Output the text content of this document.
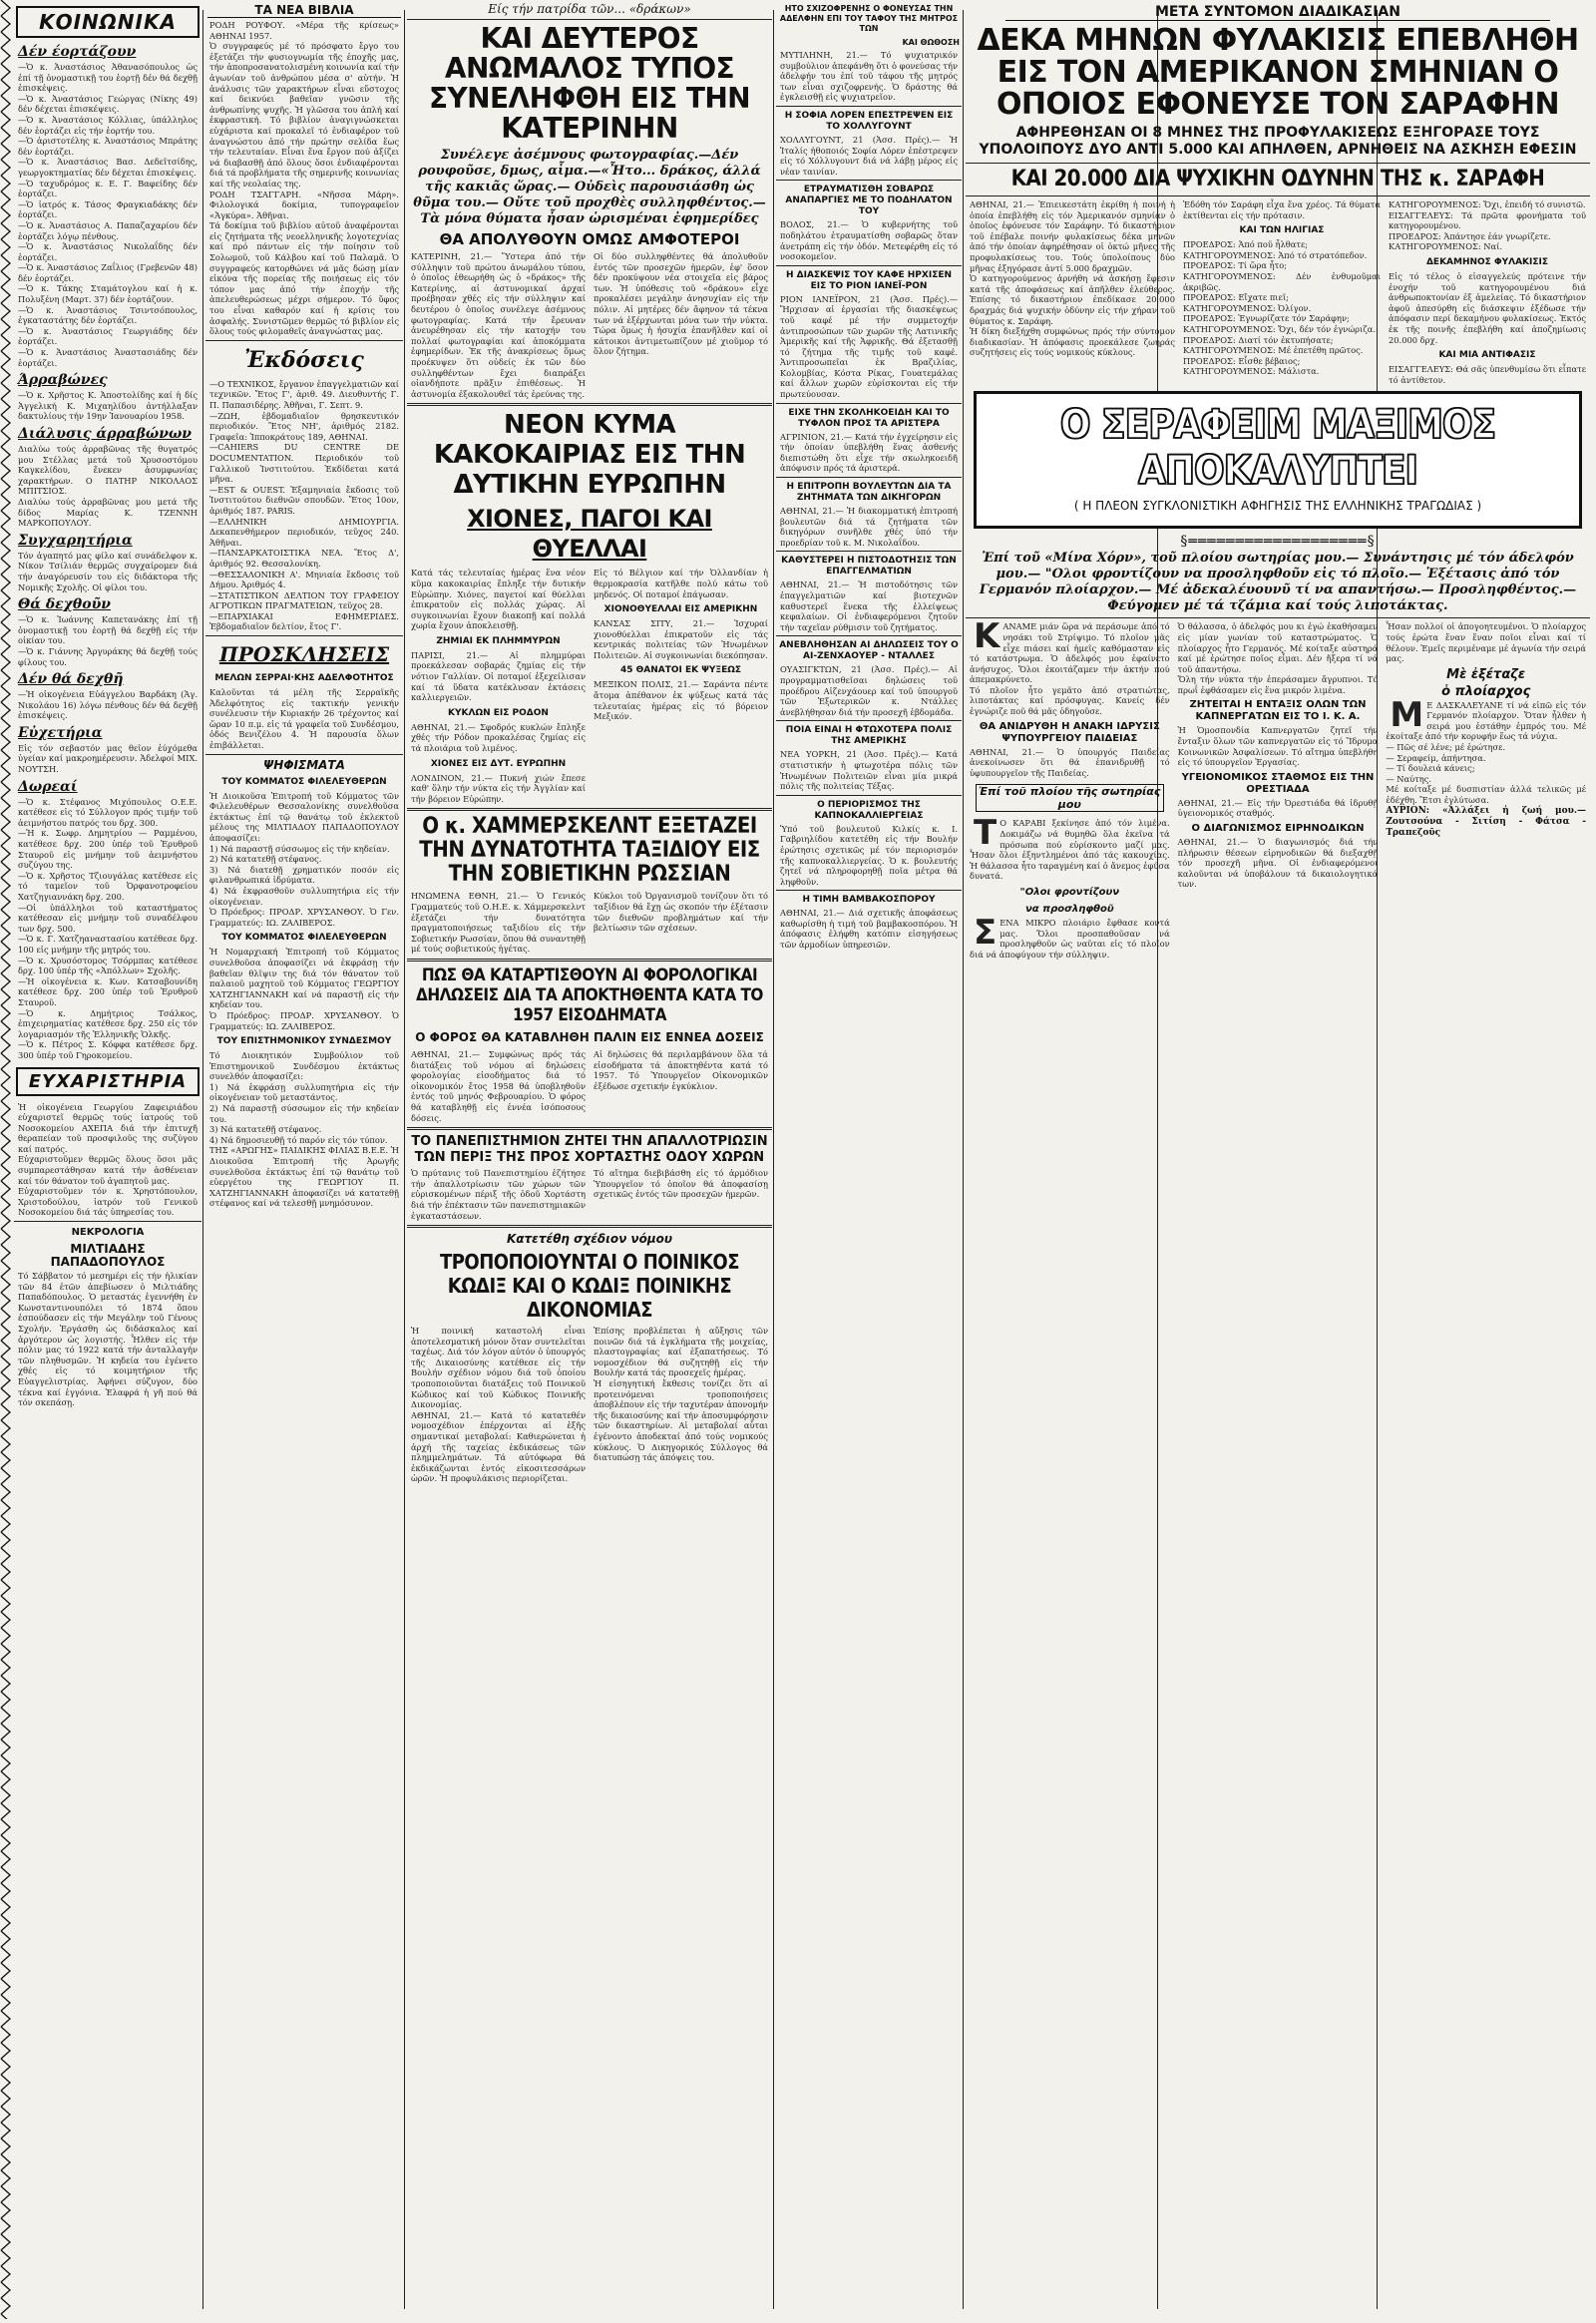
ΚΟΙΝΩΝΙΚΑ
Δέν έορτάζουν
—Ὁ κ. Ἀναστάσιος Ἀθανασόπουλος ὡς ἐπί τῇ ὀνομαστικῇ του ἑορτῇ δέν θά δεχθῇ ἐπισκέψεις.
—Ὁ κ. Ἀναστάσιος Γεώργας (Νίκης 49) δέν δέχεται ἐπισκέψεις.
—Ὁ κ. Ἀναστάσιος Κόλλιας, ὑπάλληλος δέν ἑορτάζει εἰς τήν ἑορτήν του.
—Ὁ ἀριστοτέλης κ. Ἀναστάσιος Μπράτης δέν ἑορτάζει.
—Ὁ κ. Ἀναστάσιος Βασ. Δεδεῖτσίδης, γεωργοκτηματίας δέν δέχεται ἐπισκέψεις.
—Ὁ ταχυδρόμος κ. Ε. Γ. Βαφείδης δέν ἑορτάζει.
—Ὁ ἰατρός κ. Τάσος Φραγκιαδάκης δέν ἑορτάζει.
—Ὁ κ. Ἀναστάσιος Α. Παπαζαχαρίου δέν ἑορτάζει λόγῳ πένθους.
—Ὁ κ. Ἀναστάσιος Νικολαΐδης δέν ἑορτάζει.
—Ὁ κ. Ἀναστάσιος Ζαΐλιος (Γρεβενῶν 48) δέν ἑορτάζει.
—Ὁ κ. Τάκης Σταμάτογλου καί ἡ κ. Πολυξένη (Μαρτ. 37) δέν ἑορτάζουν.
—Ὁ κ. Ἀναστάσιος Τσιντσόπουλος, ἐγκαταστάτης δέν ἑορτάζει.
—Ὁ κ. Ἀναστάσιος Γεωργιάδης δέν ἑορτάζει.
—Ὁ κ. Ἀναστάσιος Ἀναστασιάδης δέν ἑορτάζει.
Άρραβώνες
—Ὁ κ. Χρῆστος Κ. Ἀποστολίδης καί ἡ δίς Ἀγγελική Κ. Μιχαηλίδου ἀντήλλαξαν δακτυλίους τήν 19ην Ἰανουαρίου 1958.
Διάλυσις άρραβώνων
Διαλύω τούς ἀρραβῶνας τῆς θυγατρός μου Στέλλας μετά τοῦ Χρυσοστόμου Καγκελίδου, ἕνεκεν ἀσυμφωνίας χαρακτήρων. Ο ΠΑΤΗΡ ΝΙΚΟΛΑΟΣ ΜΠΙΤΣΙΟΣ.
Διαλύω τούς ἀρραβῶνας μου μετά τῆς δίδος Μαρίας Κ. ΤΖΕΝΝΗ ΜΑΡΚΟΠΟΥΛΟΥ.
Συγχαρητήρια
Τόν ἀγαπητό μας φίλο καί συνάδελφον κ. Νίκον Τσίλιάν θερμῶς συγχαίρομεν διά τήν ἀναγόρευσίν του εἰς διδάκτορα τῆς Νομικῆς Σχολῆς. Οἱ φίλοι του.
Θά δεχθοῦν
—Ὁ κ. Ἰωάννης Καπετανάκης ἐπί τῇ ὀνομαστικῇ του ἑορτῇ θά δεχθῇ εἰς τήν οἰκίαν του.
—Ὁ κ. Γιάννης Ἀργυράκης θά δεχθῇ τούς φίλους του.
Δέν θά δεχθῆ
—Ἡ οἰκογένεια Εὐάγγελου Βαρδάκη (Ἁγ. Νικολάου 16) λόγω πένθους δέν θά δεχθῇ ἐπισκέψεις.
Εὐχετήρια
Εἰς τόν σεβαστόν μας θεῖον ἐύχόμεθα ὑγείαν καί μακροημέρευσιν. Ἀδελφοί ΜΙΧ. ΝΟΥΤΣΗ.
Δωρεαί
—Ὁ κ. Στέφανος Μιχόπουλος Ο.Ε.Ε. κατέθεσε εἰς τό Σύλλογον πρός τιμήν τοῦ ἀειμνήστου πατρός του δρχ. 300.
—Ἡ κ. Σωφρ. Δημητρίου — Ραμμένου, κατέθεσε δρχ. 200 ὑπέρ τοῦ Ἑρυθροῦ Σταυροῦ εἰς μνήμην τοῦ ἀειμνήστου συζύγου της.
—Ὁ κ. Χρῆστος Τζιουγάλας κατέθεσε εἰς τό ταμεῖον τοῦ Ὀρφανοτροφείου Χατζηγιαννάκη δρχ. 200.
—Οἱ ὑπάλληλοι τοῦ καταστήματος κατέθεσαν εἰς μνήμην τοῦ συναδέλφου των δρχ. 500.
—Ὁ κ. Γ. Χατζηαναστασίου κατέθεσε δρχ. 100 εἰς μνήμην τῆς μητρός του.
—Ὁ κ. Χρυσόστομος Τσόρμπας κατέθεσε δρχ. 100 ὑπέρ τῆς «Ἀπόλλων» Σχολῆς.
—Ἡ οἰκογένεια κ. Κων. Κατσαβουνίδη κατέθεσε δρχ. 200 ὑπέρ τοῦ Ἑρυθροῦ Σταυροῦ.
—Ὁ κ. Δημήτριος Τσάλκος, ἐπιχειρηματίας κατέθεσε δρχ. 250 εἰς τόν λογαριασμόν τῆς Ἑλληνικῆς Ὁλκῆς.
—Ὁ κ. Πέτρος Σ. Κόφφα κατέθεσε δρχ. 300 ὑπέρ τοῦ Γηροκομείου.
ΕΥΧΑΡΙΣΤΗΡΙΑ
Ἡ οἰκογένεια Γεωργίου Ζαφειριάδου εὐχαριστεῖ θερμῶς τούς ἰατρούς τοῦ Νοσοκομείου ΑΧΕΠΑ διά τήν ἐπιτυχῆ θεραπείαν τοῦ προσφιλοῦς της συζύγου καί πατρός.
Εὐχαριστοῦμεν θερμῶς ὅλους ὅσοι μᾶς συμπαρεστάθησαν κατά τήν ἀσθένειαν καί τόν θάνατον τοῦ ἀγαπητοῦ μας.
Εὐχαριστοῦμεν τόν κ. Χρηστόπουλον, Χριστοδούλου, ἰατρόν τοῦ Γενικοῦ Νοσοκομείου διά τάς ὑπηρεσίας του.
ΝΕΚΡΟΛΟΓΙΑ
ΜΙΛΤΙΑΔΗΣ ΠΑΠΑΔΟΠΟΥΛΟΣ
Τό Σάββατον τό μεσημέρι εἰς τήν ἡλικίαν τῶν 84 ἐτῶν ἀπεβίωσεν ὁ Μιλτιάδης Παπαδόπουλος. Ὁ μεταστάς ἐγεννήθη ἐν Κωνσταντινουπόλει τό 1874 ὅπου ἐσπούδασεν εἰς τήν Μεγάλην τοῦ Γένους Σχολήν. Ἐργάσθη ὡς διδάσκαλος καί ἀργότερον ὡς λογιστής. Ἦλθεν εἰς τήν πόλιν μας τό 1922 κατά τήν ἀνταλλαγήν τῶν πληθυσμῶν. Ἡ κηδεία του ἐγένετο χθές εἰς τό κοιμητήριον τῆς Εὐαγγελιστρίας. Ἀφήνει σύζυγον, δύο τέκνα καί ἐγγόνια. Ἐλαφρά ἡ γῆ πού θά τόν σκεπάσῃ.
ΤΑ ΝΕΑ ΒΙΒΛΙΑ
ΡΟΔΗ ΡΟΥΦΟΥ. «Μέρα τῆς κρίσεως» ΑΘΗΝΑΙ 1957.
Ὁ συγγραφεύς μέ τό πρόσφατο ἔργο του ἐξετάζει τήν φυσιογνωμία τῆς ἐποχῆς μας, τήν ἀποπροσανατολισμένη κοινωνία καί τήν ἀγωνίαν τοῦ ἀνθρώπου μέσα σ' αὐτήν. Ἡ ἀνάλυσις τῶν χαρακτήρων εἶναι εὔστοχος καί δεικνύει βαθεῖαν γνῶσιν τῆς ἀνθρωπίνης ψυχῆς. Ἡ γλῶσσα του ἁπλή καί ἐκφραστική. Τό βιβλίον ἀναγιγνώσκεται εὐχάριστα καί προκαλεῖ τό ἐνδιαφέρον τοῦ ἀναγνώστου ἀπό τήν πρώτην σελίδα ἕως τήν τελευταίαν. Εἶναι ἕνα ἔργον πού ἀξίζει νά διαβασθῇ ἀπό ὅλους ὅσοι ἐνδιαφέρονται διά τά προβλήματα τῆς σημερινῆς κοινωνίας καί τῆς νεολαίας της.
ΡΟΔΗ ΤΣΑΓΓΑΡΗ. «Νῆσσα Μάρη». Φιλολογικά δοκίμια, τυπογραφεῖον «Ἀγκύρα». Ἀθῆναι.
Τά δοκίμια τοῦ βιβλίου αὐτοῦ ἀναφέρονται εἰς ζητήματα τῆς νεοελληνικῆς λογοτεχνίας καί πρό πάντων εἰς τήν ποίησιν τοῦ Σολωμοῦ, τοῦ Κάλβου καί τοῦ Παλαμᾶ. Ὁ συγγραφεύς κατορθώνει νά μᾶς δώσῃ μίαν εἰκόνα τῆς πορείας τῆς ποιήσεως εἰς τόν τόπον μας ἀπό τήν ἐποχήν τῆς ἀπελευθερώσεως μέχρι σήμερον. Τό ὕφος του εἶναι καθαρόν καί ἡ κρίσις του ἀσφαλής. Συνιστῶμεν θερμῶς τό βιβλίον εἰς ὅλους τούς φιλομαθεῖς ἀναγνώστας μας.
Ἐκδόσεις
—Ο ΤΕΧΝΙΚΟΣ, ἔργανον ἐπαγγελματιῶν καί τεχνικῶν. Ἔτος Γ', ἀριθ. 49. Διευθυντής Γ. Π. Παπασιδέρης. Ἀθῆναι, Γ. Σεπτ. 9.
—ΖΩΗ, ἑβδομαδιαῖον θρησκευτικόν περιοδικόν. Ἔτος ΝΗ', ἀριθμός 2182. Γραφεῖα: Ἱπποκράτους 189, ΑΘΗΝΑΙ.
—CAHIERS DU CENTRE DE DOCUMENTATION. Περιοδικόν τοῦ Γαλλικοῦ Ἰνστιτούτου. Ἐκδίδεται κατά μῆνα.
—EST & OUEST. Ἑξαμηνιαία ἔκδοσις τοῦ Ἰνστιτούτου διεθνῶν σπουδῶν. Ἔτος 10ον, ἀριθμός 187. PARIS.
—ΕΛΛΗΝΙΚΗ ΔΗΜΙΟΥΡΓΙΑ. Δεκαπενθήμερον περιοδικόν, τεῦχος 240. Ἀθῆναι.
—ΠΑΝΣΑΡΚΑΤΟΙΣΤΙΚΑ ΝΕΑ. Ἔτος Δ', ἀριθμός 92. Θεσσαλονίκη.
—ΘΕΣΣΑΛΟΝΙΚΗ Α'. Μηνιαία ἔκδοσις τοῦ Δήμου. Ἀριθμός 4.
—ΣΤΑΤΙΣΤΙΚΟΝ ΔΕΛΤΙΟΝ ΤΟΥ ΓΡΑΦΕΙΟΥ ΑΓΡΟΤΙΚΩΝ ΠΡΑΓΜΑΤΕΙΩΝ, τεῦχος 28.
—ΕΠΑΡΧΙΑΚΑΙ ΕΦΗΜΕΡΙΔΕΣ. Ἑβδομαδιαῖον δελτίον, ἔτος Γ'.
ΠΡΟΣΚΛΗΣΕΙΣ
ΜΕΛΩΝ ΣΕΡΡΑΙ·ΚΗΣ ΑΔΕΛΦΟΤΗΤΟΣ
Καλοῦνται τά μέλη τῆς Σερραϊκῆς Ἀδελφότητος εἰς τακτικήν γενικήν συνέλευσιν τήν Κυριακήν 26 τρέχοντος καί ὥραν 10 π.μ. εἰς τά γραφεῖα τοῦ Συνδέσμου, ὁδός Βενιζέλου 4. Ἡ παρουσία ὅλων ἐπιβάλλεται.
ΨΗΦΙΣΜΑΤΑ
ΤΟΥ ΚΟΜΜΑΤΟΣ ΦΙΛΕΛΕΥΘΕΡΩΝ
Ἡ Διοικοῦσα Ἐπιτροπή τοῦ Κόμματος τῶν Φιλελευθέρων Θεσσαλονίκης συνελθοῦσα ἐκτάκτως ἐπί τῷ θανάτῳ τοῦ ἐκλεκτοῦ μέλους της ΜΙΛΤΙΑΔΟΥ ΠΑΠΑΔΟΠΟΥΛΟΥ ἀποφασίζει:
1) Νά παραστῇ σύσσωμος εἰς τήν κηδείαν.
2) Νά κατατεθῇ στέφανος.
3) Νά διατεθῇ χρηματικόν ποσόν εἰς φιλανθρωπικά ἱδρύματα.
4) Νά ἐκφρασθοῦν συλλυπητήρια εἰς τήν οἰκογένειαν.
Ὁ Πρόεδρος: ΠΡΟΔΡ. ΧΡΥΣΑΝΘΟΥ. Ὁ Γεν. Γραμματεύς: ΙΩ. ΖΑΛΙΒΕΡΟΣ.
ΤΟΥ ΚΟΜΜΑΤΟΣ ΦΙΛΕΛΕΥΘΕΡΩΝ
Ἡ Νομαρχιακή Ἐπιτροπή τοῦ Κόμματος συνελθοῦσα ἀποφασίζει νά ἐκφράσῃ τήν βαθεῖαν θλῖψιν της διά τόν θάνατον τοῦ παλαιοῦ μαχητοῦ τοῦ Κόμματος ΓΕΩΡΓΙΟΥ ΧΑΤΖΗΓΙΑΝΝΑΚΗ καί νά παραστῇ εἰς τήν κηδείαν του.
Ὁ Πρόεδρος: ΠΡΟΔΡ. ΧΡΥΣΑΝΘΟΥ. Ὁ Γραμματεύς: ΙΩ. ΖΑΛΙΒΕΡΟΣ.
ΤΟΥ ΕΠΙΣΤΗΜΟΝΙΚΟΥ ΣΥΝΔΕΣΜΟΥ
Τό Διοικητικόν Συμβούλιον τοῦ Ἐπιστημονικοῦ Συνδέσμου ἐκτάκτως συνελθόν ἀποφασίζει:
1) Νά ἐκφράσῃ συλλυπητήρια εἰς τήν οἰκογένειαν τοῦ μεταστάντος.
2) Νά παραστῇ σύσσωμον εἰς τήν κηδείαν του.
3) Νά κατατεθῇ στέφανος.
4) Νά δημοσιευθῇ τό παρόν εἰς τόν τύπον.
ΤΗΣ «ΑΡΩΓΗΣ» ΠΑΙΔΙΚΗΣ ΦΙΛΙΑΣ Β.Ε.Ε. Ἡ Διοικοῦσα Ἐπιτροπή τῆς Ἀρωγῆς συνελθοῦσα ἐκτάκτως ἐπί τῷ θανάτῳ τοῦ εὐεργέτου της ΓΕΩΡΓΙΟΥ Π. ΧΑΤΖΗΓΙΑΝΝΑΚΗ ἀποφασίζει νά κατατεθῇ στέφανος καί νά τελεσθῇ μνημόσυνον.
Είς τήν πατρίδα τῶν... «δράκων»
ΚΑΙ ΔΕΥΤΕΡΟΣ ΑΝΩΜΑΛΟΣ ΤΥΠΟΣ ΣΥΝΕΛΗΦΘΗ ΕΙΣ ΤΗΝ ΚΑΤΕΡΙΝΗΝ
Συνέλεγε ἀσέμνους φωτογραφίας.—Δέν ρουφοῦσε, δμως, αἷμα.—«Ἦτο... δράκος, άλλά τῆς κακιᾶς ὥρας.— Οὐδεὶς παρουσιάσθη ὡς θῦμα του.— Οὔτε τοῦ προχθὲς συλληφθέντος.—Τὰ μόνα θύματα ἦσαν ὡρισμέναι ἐφημερίδες
ΘΑ ΑΠΟΛΥΘΟΥΝ ΟΜΩΣ ΑΜΦΟΤΕΡΟΙ
ΚΑΤΕΡΙΝΗ, 21.— Ὕστερα ἀπό τήν σύλληψιν τοῦ πρώτου ἀνωμάλου τύπου, ὁ ὁποῖος ἐθεωρήθη ὡς ὁ «δράκος» τῆς Κατερίνης, αἱ ἀστυνομικαί ἀρχαί προέβησαν χθές εἰς τήν σύλληψιν καί δευτέρου ὁ ὁποῖος συνέλεγε ἀσέμνους φωτογραφίας. Κατά τήν ἔρευναν ἀνευρέθησαν εἰς τήν κατοχήν του πολλαί φωτογραφίαι καί ἀποκόμματα ἐφημερίδων. Ἐκ τῆς ἀνακρίσεως ὅμως προέκυψεν ὅτι οὐδείς ἐκ τῶν δύο συλληφθέντων ἔχει διαπράξει οἱανδήποτε πρᾶξιν ἐπιθέσεως. Ἡ ἀστυνομία ἐξακολουθεῖ τάς ἐρεύνας της.
Οἱ δύο συλληφθέντες θά ἀπολυθοῦν ἐντός τῶν προσεχῶν ἡμερῶν, ἐφ' ὅσον δέν προκύψουν νέα στοιχεῖα εἰς βάρος των. Ἡ ὑπόθεσις τοῦ «δράκου» εἶχε προκαλέσει μεγάλην ἀνησυχίαν εἰς τήν πόλιν. Αἱ μητέρες δέν ἄφηνον τά τέκνα των νά ἐξέρχωνται μόνα των τήν νύκτα. Τώρα ὅμως ἡ ἡσυχία ἐπανῆλθεν καί οἱ κάτοικοι ἀντιμετωπίζουν μέ χιοῦμορ τό ὅλον ζήτημα.
ΝΕΟΝ ΚΥΜΑ ΚΑΚΟΚΑΙΡΙΑΣ ΕΙΣ ΤΗΝ ΔΥΤΙΚΗΝ ΕΥΡΩΠΗΝ
ΧΙΟΝΕΣ, ΠΑΓΟΙ ΚΑΙ ΘΥΕΛΛΑΙ
Κατά τάς τελευταίας ἡμέρας ἕνα νέον κῦμα κακοκαιρίας ἔπληξε τήν δυτικήν Εὐρώπην. Χιόνες, παγετοί καί θύελλαι ἐπικρατοῦν εἰς πολλάς χώρας. Αἱ συγκοινωνίαι ἔχουν διακοπῇ καί πολλά χωρία ἔχουν ἀποκλεισθῇ.
ΖΗΜΙΑΙ ΕΚ ΠΛΗΜΜΥΡΩΝ
ΠΑΡΙΣΙ, 21.— Αἱ πλημμύραι προεκάλεσαν σοβαράς ζημίας εἰς τήν νότιον Γαλλίαν. Οἱ ποταμοί ἐξεχείλισαν καί τά ὕδατα κατέκλυσαν ἐκτάσεις καλλιεργειῶν.
ΚΥΚΛΩΝ ΕΙΣ ΡΟΔΟΝ
ΑΘΗΝΑΙ, 21.— Σφοδρός κυκλών ἔπληξε χθές τήν Ρόδον προκαλέσας ζημίας εἰς τά πλοιάρια τοῦ λιμένος.
ΧΙΟΝΕΣ ΕΙΣ ΔΥΤ. ΕΥΡΩΠΗΝ
ΛΟΝΔΙΝΟΝ, 21.— Πυκνή χιών ἔπεσε καθ' ὅλην τήν νύκτα εἰς τήν Ἀγγλίαν καί τήν βόρειον Εὐρώπην.
Εἰς τό Βέλγιον καί τήν Ὁλλανδίαν ἡ θερμοκρασία κατῆλθε πολύ κάτω τοῦ μηδενός. Οἱ ποταμοί ἐπάγωσαν.
ΧΙΟΝΟΘΥΕΛΛΑΙ ΕΙΣ ΑΜΕΡΙΚΗΝ
ΚΑΝΣΑΣ ΣΙΤΥ, 21.— Ἰσχυραί χιονοθύελλαι ἐπικρατοῦν εἰς τάς κεντρικάς πολιτείας τῶν Ἡνωμένων Πολιτειῶν. Αἱ συγκοινωνίαι διεκόπησαν.
45 ΘΑΝΑΤΟΙ ΕΚ ΨΥΞΕΩΣ
ΜΕΞΙΚΟΝ ΠΟΛΙΣ, 21.— Σαράντα πέντε ἄτομα ἀπέθανον ἐκ ψύξεως κατά τάς τελευταίας ἡμέρας εἰς τό βόρειον Μεξικόν.
Ο κ. ΧΑΜΜΕΡΣΚΕΛΝΤ ΕΞΕΤΑΖΕΙ ΤΗΝ ΔΥΝΑΤΟΤΗΤΑ ΤΑΞΙΔΙΟΥ ΕΙΣ ΤΗΝ ΣΟΒΙΕΤΙΚΗΝ ΡΩΣΣΙΑΝ
ΗΝΩΜΕΝΑ ΕΘΝΗ, 21.— Ὁ Γενικός Γραμματεύς τοῦ Ο.Η.Ε. κ. Χάμμερσκελντ ἐξετάζει τήν δυνατότητα πραγματοποιήσεως ταξιδίου εἰς τήν Σοβιετικήν Ρωσσίαν, ὅπου θά συναντηθῇ μέ τούς σοβιετικούς ἡγέτας.
Κύκλοι τοῦ Ὀργανισμοῦ τονίζουν ὅτι τό ταξίδιον θά ἔχῃ ὡς σκοπόν τήν ἐξέτασιν τῶν διεθνῶν προβλημάτων καί τήν βελτίωσιν τῶν σχέσεων.
ΠΩΣ ΘΑ ΚΑΤΑΡΤΙΣΘΟΥΝ ΑΙ ΦΟΡΟΛΟΓΙΚΑΙ ΔΗΛΩΣΕΙΣ ΔΙΑ ΤΑ ΑΠΟΚΤΗΘΕΝΤΑ ΚΑΤΑ ΤΟ 1957 ΕΙΣΟΔΗΜΑΤΑ
Ο ΦΟΡΟΣ ΘΑ ΚΑΤΑΒΛΗΘΗ ΠΑΛΙΝ ΕΙΣ ΕΝΝΕΑ ΔΟΣΕΙΣ
ΑΘΗΝΑΙ, 21.— Συμφώνως πρός τάς διατάξεις τοῦ νόμου αἱ δηλώσεις φορολογίας εἰσοδήματος διά τό οἰκονομικόν ἔτος 1958 θά ὑποβληθοῦν ἐντός τοῦ μηνός Φεβρουαρίου. Ὁ φόρος θά καταβληθῇ εἰς ἐννέα ἰσόποσους δόσεις.
Αἱ δηλώσεις θά περιλαμβάνουν ὅλα τά εἰσοδήματα τά ἀποκτηθέντα κατά τό 1957. Τό Ὑπουργεῖον Οἰκονομικῶν ἐξέδωσε σχετικήν ἐγκύκλιον.
ΤΟ ΠΑΝΕΠΙΣΤΗΜΙΟΝ ΖΗΤΕΙ ΤΗΝ ΑΠΑΛΛΟΤΡΙΩΣΙΝ ΤΩΝ ΠΕΡΙΞ ΤΗΣ ΠΡΟΣ ΧΟΡΤΑΣΤΗΣ ΟΔΟΥ ΧΩΡΩΝ
Ὁ πρύτανις τοῦ Πανεπιστημίου ἐζήτησε τήν ἀπαλλοτρίωσιν τῶν χώρων τῶν εὑρισκομένων πέριξ τῆς ὁδοῦ Χορτάστη διά τήν ἐπέκτασιν τῶν πανεπιστημιακῶν ἐγκαταστάσεων.
Τό αἴτημα διεβιβάσθη εἰς τό ἁρμόδιον Ὑπουργεῖον τό ὁποῖον θά ἀποφασίσῃ σχετικῶς ἐντός τῶν προσεχῶν ἡμερῶν.
Κατετέθη σχέδιον νόμου
ΤΡΟΠΟΠΟΙΟΥΝΤΑΙ Ο ΠΟΙΝΙΚΟΣ ΚΩΔΙΞ ΚΑΙ Ο ΚΩΔΙΞ ΠΟΙΝΙΚΗΣ ΔΙΚΟΝΟΜΙΑΣ
Ἡ ποινική καταστολή εἶναι ἀποτελεσματική μόνον ὅταν συντελεῖται ταχέως. Διά τόν λόγον αὐτόν ὁ ὑπουργός τῆς Δικαιοσύνης κατέθεσε εἰς τήν Βουλήν σχέδιον νόμου διά τοῦ ὁποίου τροποποιοῦνται διατάξεις τοῦ Ποινικοῦ Κώδικος καί τοῦ Κώδικος Ποινικῆς Δικονομίας.
ΑΘΗΝΑΙ, 21.— Κατά τό κατατεθέν νομοσχέδιον ἐπέρχονται αἱ ἑξῆς σημαντικαί μεταβολαί: Καθιερώνεται ἡ ἀρχή τῆς ταχείας ἐκδικάσεως τῶν πλημμελημάτων. Τά αὐτόφωρα θά ἐκδικάζωνται ἐντός εἰκοσιτεσσάρων ὡρῶν. Ἡ προφυλάκισις περιορίζεται.
Ἐπίσης προβλέπεται ἡ αὔξησις τῶν ποινῶν διά τά ἐγκλήματα τῆς μοιχείας, πλαστογραφίας καί ἐξαπατήσεως. Τό νομοσχέδιον θά συζητηθῇ εἰς τήν Βουλήν κατά τάς προσεχεῖς ἡμέρας.
Ἡ εἰσηγητική ἔκθεσις τονίζει ὅτι αἱ προτεινόμεναι τροποποιήσεις ἀποβλέπουν εἰς τήν ταχυτέραν ἀπονομήν τῆς δικαιοσύνης καί τήν ἀποσυμφόρησιν τῶν δικαστηρίων. Αἱ μεταβολαί αὗται ἐγένοντο ἀποδεκταί ἀπό τούς νομικούς κύκλους. Ὁ Δικηγορικός Σύλλογος θά διατυπώσῃ τάς ἀπόψεις του.
ΗΤΟ ΣΧΙΖΟΦΡΕΝΗΣ Ο ΦΟΝΕΥΣΑΣ ΤΗΝ ΑΔΕΛΦΗΝ ΕΠΙ ΤΟΥ ΤΑΦΟΥ ΤΗΣ ΜΗΤΡΟΣ ΤΩΝ
ΚΑΙ ΘΩΘΟΣΗ
ΜΥΤΙΛΗΝΗ, 21.— Τό ψυχιατρικόν συμβούλιον ἀπεφάνθη ὅτι ὁ φονεύσας τήν ἀδελφήν του ἐπί τοῦ τάφου τῆς μητρός των εἶναι σχιζοφρενής. Ὁ δράστης θά ἐγκλεισθῇ εἰς ψυχιατρεῖον.
Η ΣΟΦΙΑ ΛΟΡΕΝ ΕΠΕΣΤΡΕΨΕΝ ΕΙΣ ΤΟ ΧΟΛΛΥΓΟΥΝΤ
ΧΟΛΛΥΓΟΥΝΤ, 21 (Ἀσσ. Πρές).— Ἡ Ἰταλίς ἠθοποιός Σοφία Λόρεν ἐπέστρεψεν εἰς τό Χόλλυγουντ διά νά λάβῃ μέρος εἰς νέαν ταινίαν.
ΕΤΡΑΥΜΑΤΙΣΘΗ ΣΟΒΑΡΩΣ ΑΝΑΠΑΡΓΙΕΣ ΜΕ ΤΟ ΠΟΔΗΛΑΤΟΝ ΤΟΥ
ΒΟΛΟΣ, 21.— Ὁ κυβερνήτης τοῦ ποδηλάτου ἐτραυματίσθη σοβαρῶς ὅταν ἀνετράπη εἰς τήν ὁδόν. Μετεφέρθη εἰς τό νοσοκομεῖον.
Η ΔΙΑΣΚΕΨΙΣ ΤΟΥ ΚΑΦΕ ΗΡΧΙΣΕΝ ΕΙΣ ΤΟ ΡΙΟΝ ΙΑΝΕΪ-ΡΟΝ
ΡΙΟΝ ΙΑΝΕΪΡΟΝ, 21 (Ἀσσ. Πρές).— Ἤρχισαν αἱ ἐργασίαι τῆς διασκέψεως τοῦ καφέ μέ τήν συμμετοχήν ἀντιπροσώπων τῶν χωρῶν τῆς Λατινικῆς Ἀμερικῆς καί τῆς Ἀφρικῆς. Θά ἐξετασθῇ τό ζήτημα τῆς τιμῆς τοῦ καφέ. Ἀντιπροσωπεῖαι ἐκ Βραζιλίας, Κολομβίας, Κόστα Ρίκας, Γουατεμάλας καί ἄλλων χωρῶν εὑρίσκονται εἰς τήν πρωτεύουσαν.
ΕΙΧΕ ΤΗΝ ΣΚΟΛΗΚΟΕΙΔΗ ΚΑΙ ΤΟ ΤΥΦΛΟΝ ΠΡΟΣ ΤΑ ΑΡΙΣΤΕΡΑ
ΑΓΡΙΝΙΟΝ, 21.— Κατά τήν ἐγχείρησιν εἰς τήν ὁποίαν ὑπεβλήθη ἕνας ἀσθενής διεπιστώθη ὅτι εἶχε τήν σκωληκοειδῆ ἀπόφυσιν πρός τά ἀριστερά.
Η ΕΠΙΤΡΟΠΗ ΒΟΥΛΕΥΤΩΝ ΔΙΑ ΤΑ ΖΗΤΗΜΑΤΑ ΤΩΝ ΔΙΚΗΓΟΡΩΝ
ΑΘΗΝΑΙ, 21.— Ἡ διακομματική ἐπιτροπή βουλευτῶν διά τά ζητήματα τῶν δικηγόρων συνῆλθε χθές ὑπό τήν προεδρίαν τοῦ κ. Μ. Νικολαΐδου.
ΚΑΘΥΣΤΕΡΕΙ Η ΠΙΣΤΟΔΟΤΗΣΙΣ ΤΩΝ ΕΠΑΓΓΕΛΜΑΤΙΩΝ
ΑΘΗΝΑΙ, 21.— Ἡ πιστοδότησις τῶν ἐπαγγελματιῶν καί βιοτεχνῶν καθυστερεῖ ἕνεκα τῆς ἐλλείψεως κεφαλαίων. Οἱ ἐνδιαφερόμενοι ζητοῦν τήν ταχεῖαν ρύθμισιν τοῦ ζητήματος.
ΑΝΕΒΛΗΘΗΣΑΝ ΑΙ ΔΗΛΩΣΕΙΣ ΤΟΥ Ο ΑΙ-ΖΕΝΧΑΟΥΕΡ - ΝΤΑΛΛΕΣ
ΟΥΑΣΙΓΚΤΩΝ, 21 (Ἀσσ. Πρές).— Αἱ προγραμματισθεῖσαι δηλώσεις τοῦ προέδρου Αἰζενχάουερ καί τοῦ ὑπουργοῦ τῶν Ἐξωτερικῶν κ. Ντάλλες ἀνεβλήθησαν διά τήν προσεχῆ ἑβδομάδα.
ΠΟΙΑ ΕΙΝΑΙ Η ΦΤΩΧΟΤΕΡΑ ΠΟΛΙΣ ΤΗΣ ΑΜΕΡΙΚΗΣ
ΝΕΑ ΥΟΡΚΗ, 21 (Ἀσσ. Πρές).— Κατά στατιστικήν ἡ φτωχοτέρα πόλις τῶν Ἡνωμένων Πολιτειῶν εἶναι μία μικρά πόλις τῆς πολιτείας Τέξας.
Ο ΠΕΡΙΟΡΙΣΜΟΣ ΤΗΣ ΚΑΠΝΟΚΑΛΛΙΕΡΓΕΙΑΣ
Ὑπό τοῦ βουλευτοῦ Κιλκίς κ. Ι. Γαβριηλίδου κατετέθη εἰς τήν Βουλήν ἐρώτησις σχετικῶς μέ τόν περιορισμόν τῆς καπνοκαλλιεργείας. Ὁ κ. βουλευτής ζητεῖ νά πληροφορηθῇ ποῖα μέτρα θά ληφθοῦν.
Η ΤΙΜΗ ΒΑΜΒΑΚΟΣΠΟΡΟΥ
ΑΘΗΝΑΙ, 21.— Διά σχετικῆς ἀποφάσεως καθωρίσθη ἡ τιμή τοῦ βαμβακοσπόρου. Ἡ ἀπόφασις ἐλήφθη κατόπιν εἰσηγήσεως τῶν ἁρμοδίων ὑπηρεσιῶν.
ΜΕΤΑ ΣΥΝΤΟΜΟΝ ΔΙΑΔΙΚΑΣΙΑΝ
ΔΕΚΑ ΜΗΝΩΝ ΦΥΛΑΚΙΣΙΣ ΕΠΕΒΛΗΘΗ ΕΙΣ ΤΟΝ ΑΜΕΡΙΚΑΝΟΝ ΣΜΗΝΙΑΝ Ο ΟΠΟΙΟΣ ΕΦΟΝΕΥΣΕ ΤΟΝ ΣΑΡΑΦΗΝ
ΑΦΗΡΕΘΗΣΑΝ ΟΙ 8 ΜΗΝΕΣ ΤΗΣ ΠΡΟΦΥΛΑΚΙΣΕΩΣ ΕΞΗΓΟΡΑΣΕ ΤΟΥΣ ΥΠΟΛΟΙΠΟΥΣ ΔΥΟ ΑΝΤΙ 5.000 ΚΑΙ ΑΠΗΛΘΕΝ, ΑΡΝΗΘΕΙΣ ΝΑ ΑΣΚΗΣΗ ΕΦΕΣΙΝ
ΚΑΙ 20.000 ΔΙΑ ΨΥΧΙΚΗΝ ΟΔΥΝΗΝ ΤΗΣ κ. ΣΑΡΑΦΗ
ΑΘΗΝΑΙ, 21.— Ἐπιεικεστάτη ἐκρίθη ἡ ποινή ἡ ὁποία ἐπεβλήθη εἰς τόν Ἀμερικανόν σμηνίαν ὁ ὁποῖος ἐφόνευσε τόν Σαράφην. Τό δικαστήριον τοῦ ἐπέβαλε ποινήν φυλακίσεως δέκα μηνῶν ἀπό τήν ὁποίαν ἀφηρέθησαν οἱ ὀκτώ μῆνες τῆς προφυλακίσεως του. Τούς ὑπολοίπους δύο μῆνας ἐξηγόρασε ἀντί 5.000 δραχμῶν.
Ὁ κατηγορούμενος ἀρνήθη νά ἀσκήσῃ ἔφεσιν κατά τῆς ἀποφάσεως καί ἀπῆλθεν ἐλεύθερος. Ἐπίσης τό δικαστήριον ἐπεδίκασε 20.000 δραχμάς διά ψυχικήν ὀδύνην εἰς τήν χήραν τοῦ θύματος κ. Σαράφη.
Ἡ δίκη διεξήχθη συμφώνως πρός τήν σύντομον διαδικασίαν. Ἡ ἀπόφασις προεκάλεσε ζωηράς συζητήσεις εἰς τούς νομικούς κύκλους.
Ἐδόθη τόν Σαράφη εἶχα ἕνα χρέος. Τά θύματα ἐκτίθενται εἰς τήν πρότασιν.
ΚΑΙ ΤΩΝ ΗΛΙΓΙΑΣ
ΠΡΟΕΔΡΟΣ: Ἀπό ποῦ ἦλθατε;
ΚΑΤΗΓΟΡΟΥΜΕΝΟΣ: Ἀπό τό στρατόπεδον.
ΠΡΟΕΔΡΟΣ: Τί ὥρα ἦτο;
ΚΑΤΗΓΟΡΟΥΜΕΝΟΣ: Δέν ἐνθυμοῦμαι ἀκριβῶς.
ΠΡΟΕΔΡΟΣ: Εἴχατε πιεῖ;
ΚΑΤΗΓΟΡΟΥΜΕΝΟΣ: Ὀλίγον.
ΠΡΟΕΔΡΟΣ: Ἐγνωρίζατε τόν Σαράφην;
ΚΑΤΗΓΟΡΟΥΜΕΝΟΣ: Ὄχι, δέν τόν ἐγνώριζα.
ΠΡΟΕΔΡΟΣ: Διατί τόν ἐκτυπήσατε;
ΚΑΤΗΓΟΡΟΥΜΕΝΟΣ: Μέ ἐπετέθη πρῶτος.
ΠΡΟΕΔΡΟΣ: Εἶσθε βέβαιος;
ΚΑΤΗΓΟΡΟΥΜΕΝΟΣ: Μάλιστα.
ΚΑΤΗΓΟΡΟΥΜΕΝΟΣ: Ὄχι, ἐπειδή τό συνιστῶ.
ΕΙΣΑΓΓΕΛΕΥΣ: Τά πρῶτα φρονήματα τοῦ κατηγορουμένου.
ΠΡΟΕΔΡΟΣ: Ἀπάντησε ἐάν γνωρίζετε.
ΚΑΤΗΓΟΡΟΥΜΕΝΟΣ: Ναί.
ΔΕΚΑΜΗΝΟΣ ΦΥΛΑΚΙΣΙΣ
Εἰς τό τέλος ὁ εἰσαγγελεύς πρότεινε τήν ἐνοχήν τοῦ κατηγορουμένου διά ἀνθρωποκτονίαν ἐξ ἀμελείας. Τό δικαστήριον ἀφοῦ ἀπεσύρθη εἰς διάσκεψιν ἐξέδωσε τήν ἀπόφασιν περί δεκαμήνου φυλακίσεως. Ἐκτός ἐκ τῆς ποινῆς ἐπεβλήθη καί ἀποζημίωσις 20.000 δρχ.
ΚΑΙ ΜΙΑ ΑΝΤΙΦΑΣΙΣ
ΕΙΣΑΓΓΕΛΕΥΣ: Θά σᾶς ὑπενθυμίσω ὅτι εἶπατε τό ἀντίθετον.
Ο ΣΕΡΑΦΕΙΜ ΜΑΞΙΜΟΣ ΑΠΟΚΑΛΥΠΤΕΙ
( Η ΠΛΕΟΝ ΣΥΓΚΛΟΝΙΣΤΙΚΗ ΑΦΗΓΗΣΙΣ ΤΗΣ ΕΛΛΗΝΙΚΗΣ ΤΡΑΓΩΔΙΑΣ )
§═══════════════════§
Ἐπί τοῦ «Μίνα Χόρν», τοῦ πλοίου σωτηρίας μου.— Συνάντησις μέ τόν άδελφόν μου.— "Ολοι φροντίζουν να προσληφθοῦν εἰς τό πλοῖο.— Ἐξέτασις ἀπό τόν Γερμανόν πλοίαρχον.— Μέ ἀδεκαλέυουνῦ τί να απαντήσω.— Προσληφθέντος.— Φεύγομεν μέ τά τζάμια καί τούς λιποτάκτας.
ΚΑΝΑΜΕ μιάν ὥρα νά περάσωμε ἀπό τό νησάκι τοῦ Στρίψιμο. Τό πλοῖον μᾶς εἶχε πιάσει καί ἡμεῖς καθόμασταν εἰς τό κατάστρωμα. Ὁ ἀδελφός μου ἐφαίνετο ἀνήσυχος. Ὅλοι ἐκοιτάζαμεν τήν ἀκτήν πού ἀπεμακρύνετο.
Τό πλοῖον ἦτο γεμᾶτο ἀπό στρατιώτας, λιποτάκτας καί πρόσφυγας. Κανείς δέν ἐγνώριζε ποῦ θά μᾶς ὁδηγοῦσε.
ΘΑ ΑΝΙΔΡΥΘΗ Η ΑΝΑΚΗ ΙΔΡΥΣΙΣ ΨΥΠΟΥΡΓΕΙΟΥ ΠΑΙΔΕΙΑΣ
ΑΘΗΝΑΙ, 21.— Ὁ ὑπουργός Παιδείας ἀνεκοίνωσεν ὅτι θά ἐπανιδρυθῇ τό ὑφυπουργεῖον τῆς Παιδείας.
Ἐπί τοῦ πλοίου τῆς σωτηρίας μου
Τ Ο ΚΑΡΑΒΙ ξεκίνησε ἀπό τόν λιμένα. Δοκιμάζω νά θυμηθῶ ὅλα ἐκεῖνα τά πρόσωπα πού εὑρίσκοντο μαζί μας. Ἦσαν ὅλοι ἐξηντλημένοι ἀπό τάς κακουχίας. Ἡ θάλασσα ἦτο ταραγμένη καί ὁ ἄνεμος ἐφύσα δυνατά.
"Ολοι φροντίζουν
να προσληφθοῦ
ΣΕΝΑ ΜΙΚΡΟ πλοιάριο ἔφθασε κοντά μας. Ὅλοι προσπαθοῦσαν νά προσληφθοῦν ὡς ναῦται εἰς τό πλοῖον διά νά ἀποφύγουν τήν σύλληψιν.
Ὁ θάλασσα, ὁ ἀδελφός μου κι ἐγώ ἐκαθήσαμεν εἰς μίαν γωνίαν τοῦ καταστρώματος. Ὁ πλοίαρχος ἦτο Γερμανός. Μέ κοίταξε αὐστηρά καί μέ ἐρώτησε ποῖος εἶμαι. Δέν ἤξερα τί νά τοῦ ἀπαντήσω.
Ὅλη τήν νύκτα τήν ἐπεράσαμεν ἄγρυπνοι. Τό πρωΐ ἐφθάσαμεν εἰς ἕνα μικρόν λιμένα.
ΖΗΤΕΙΤΑΙ Η ΕΝΤΑΞΙΣ ΟΛΩΝ ΤΩΝ ΚΑΠΝΕΡΓΑΤΩΝ ΕΙΣ ΤΟ Ι. Κ. Α.
Ἡ Ὁμοσπονδία Καπνεργατῶν ζητεῖ τήν ἔνταξιν ὅλων τῶν καπνεργατῶν εἰς τό Ἵδρυμα Κοινωνικῶν Ἀσφαλίσεων. Τό αἴτημα ὑπεβλήθη εἰς τό ὑπουργεῖον Ἐργασίας.
ΥΓΕΙΟΝΟΜΙΚΟΣ ΣΤΑΘΜΟΣ ΕΙΣ ΤΗΝ ΟΡΕΣΤΙΑΔΑ
ΑΘΗΝΑΙ, 21.— Εἰς τήν Ὀρεστιάδα θά ἱδρυθῇ ὑγειονομικός σταθμός.
Ο ΔΙΑΓΩΝΙΣΜΟΣ ΕΙΡΗΝΟΔΙΚΩΝ
ΑΘΗΝΑΙ, 21.— Ὁ διαγωνισμός διά τήν πλήρωσιν θέσεων εἰρηνοδικῶν θά διεξαχθῇ τόν προσεχῆ μῆνα. Οἱ ἐνδιαφερόμενοι καλοῦνται νά ὑποβάλουν τά δικαιολογητικά των.
Ἦσαν πολλοί οἱ ἀπογοητευμένοι. Ὁ πλοίαρχος τούς ἐρώτα ἕναν ἕναν ποῖοι εἶναι καί τί θέλουν. Ἐμεῖς περιμέναμε μέ ἀγωνία τήν σειρά μας.
Μὲ ἐξέταζε
ὁ πλοίαρχος
Μ Ε ΔΑΣΚΑΛΕΥΑΝΕ τί νά εἰπῶ εἰς τόν Γερμανόν πλοίαρχον. Ὅταν ἦλθεν ἡ σειρά μου ἐστάθην ἐμπρός του. Μέ ἐκοίταξε ἀπό τήν κορυφήν ἕως τά νύχια.
— Πῶς σέ λένε; μέ ἐρώτησε.
— Σεραφείμ, ἀπήντησα.
— Τί δουλειά κάνεις;
— Ναύτης.
Μέ κοίταξε μέ δυσπιστίαν ἀλλά τελικῶς μέ ἐδέχθη. Ἔτσι ἐγλύτωσα.
ΑΥΡΙΟΝ: «Ἀλλάξει ἡ ζωή μου.—Ζουτσούνα - Σιτίση - Φάτσα - Τραπεζοῦς
